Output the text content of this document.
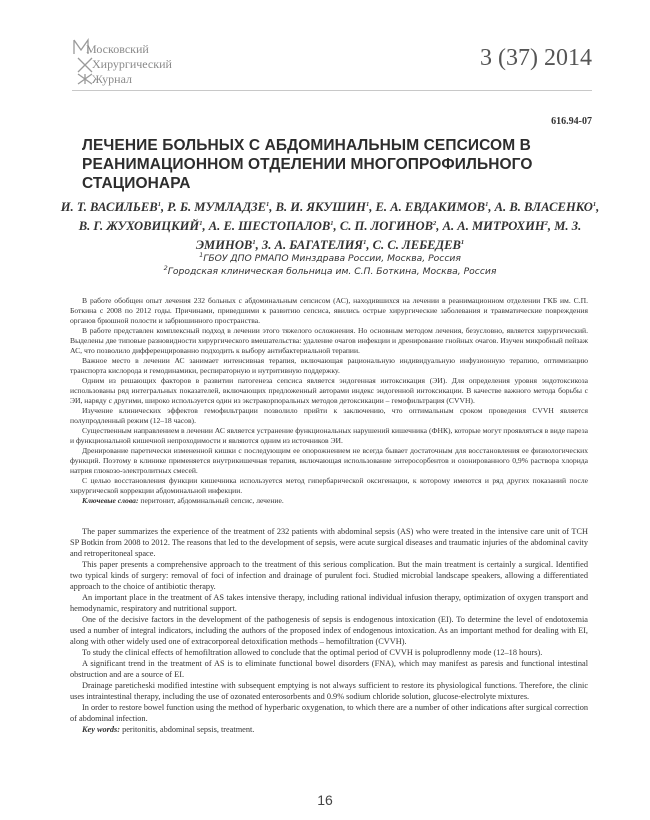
Московский
Хирургический
Журнал
3 (37) 2014
616.94-07
ЛЕЧЕНИЕ БОЛЬНЫХ С АБДОМИНАЛЬНЫМ СЕПСИСОМ В РЕАНИМАЦИОННОМ ОТДЕЛЕНИИ МНОГОПРОФИЛЬНОГО СТАЦИОНАРА

И. Т. ВАСИЛЬЕВ$^1$, Р. Б. МУМЛАДЗЕ$^1$, В. И. ЯКУШИН$^1$, Е. А. ЕВДАКИМОВ$^1$, А. В. ВЛАСЕНКО$^1$, В. Г. ЖУХОВИЦКИЙ$^1$, А. Е. ШЕСТОПАЛОВ$^1$, С. П. ЛОГИНОВ$^2$, А. А. МИТРОХИН$^2$, М. З. ЭМИНОВ$^1$, З. А. БАГАТЕЛИЯ$^1$, С. С. ЛЕБЕДЕВ$^1$

$^1$ГБОУ ДПО РМАПО Минздрава России, Москва, Россия
$^2$Городская клиническая больница им. С.П. Боткина, Москва, Россия

В работе обобщен опыт лечения 232 больных с абдоминальным сепсисом (АС), находившихся на лечении в реанимационном отделении ГКБ им. С.П. Боткина с 2008 по 2012 годы. Причинами, приведшими к развитию сепсиса, явились острые хирургические заболевания и травматические повреждения органов брюшной полости и забрюшинного пространства.

В работе представлен комплексный подход в лечении этого тяжелого осложнения. Но основным методом лечения, безусловно, является хирургический. Выделены две типовые разновидности хирургического вмешательства: удаление очагов инфекции и дренирование гнойных очагов. Изучен микробный пейзаж АС, что позволило дифференцированно подходить к выбору антибактериальной терапии.

Важное место в лечении АС занимает интенсивная терапия, включающая рациональную индивидуальную инфузионную терапию, оптимизацию транспорта кислорода и гемодинамики, респираторную и нутритивную поддержку.

Одним из решающих факторов в развитии патогенеза сепсиса является эндогенная интоксикация (ЭИ). Для определения уровня эндотоксикоза использованы ряд интегральных показателей, включающих предложенный авторами индекс эндогенной интоксикации. В качестве важного метода борьбы с ЭИ, наряду с другими, широко используется один из экстракорпоральных методов детоксикации – гемофильтрация (CVVH).

Изучение клинических эффектов гемофильтрации позволило прийти к заключению, что оптимальным сроком проведения CVVH является полупродленный режим (12–18 часов).

Существенным направлением в лечении АС является устранение функциональных нарушений кишечника (ФНК), которые могут проявляться в виде пареза и функциональной кишечной непроходимости и являются одним из источников ЭИ.

Дренирование паретически измененной кишки с последующим ее опорожнением не всегда бывает достаточным для восстановления ее физиологических функций. Поэтому в клинике применяется внутрикишечная терапия, включающая использование энтеросорбентов и озонированного 0,9% раствора хлорида натрия глюкозо-электролитных смесей.

С целью восстановления функции кишечника используется метод гипербарической оксигенации, к которому имеются и ряд других показаний после хирургической коррекции абдоминальной инфекции.

Ключевые слова: перитонит, абдоминальный сепсис, лечение.

The paper summarizes the experience of the treatment of 232 patients with abdominal sepsis (AS) who were treated in the intensive care unit of TCH SP Botkin from 2008 to 2012. The reasons that led to the development of sepsis, were acute surgical diseases and traumatic injuries of the abdominal cavity and retroperitoneal space.

This paper presents a comprehensive approach to the treatment of this serious complication. But the main treatment is certainly a surgical. Identified two typical kinds of surgery: removal of foci of infection and drainage of purulent foci. Studied microbial landscape speakers, allowing a differentiated approach to the choice of antibiotic therapy.

An important place in the treatment of AS takes intensive therapy, including rational individual infusion therapy, optimization of oxygen transport and hemodynamic, respiratory and nutritional support.

One of the decisive factors in the development of the pathogenesis of sepsis is endogenous intoxication (EI). To determine the level of endotoxemia used a number of integral indicators, including the authors of the proposed index of endogenous intoxication. As an important method for dealing with EI, along with other widely used one of extracorporeal detoxification methods – hemofiltration (CVVH).

To study the clinical effects of hemofiltration allowed to conclude that the optimal period of CVVH is poluprodlenny mode (12–18 hours).

A significant trend in the treatment of AS is to eliminate functional bowel disorders (FNA), which may manifest as paresis and functional intestinal obstruction and are a source of EI.

Drainage pareticheski modified intestine with subsequent emptying is not always sufficient to restore its physiological functions. Therefore, the clinic uses intraintestinal therapy, including the use of ozonated enterosorbents and 0.9% sodium chloride solution, glucose-electrolyte mixtures.

In order to restore bowel function using the method of hyperbaric oxygenation, to which there are a number of other indications after surgical correction of abdominal infection.

Key words: peritonitis, abdominal sepsis, treatment.

16
